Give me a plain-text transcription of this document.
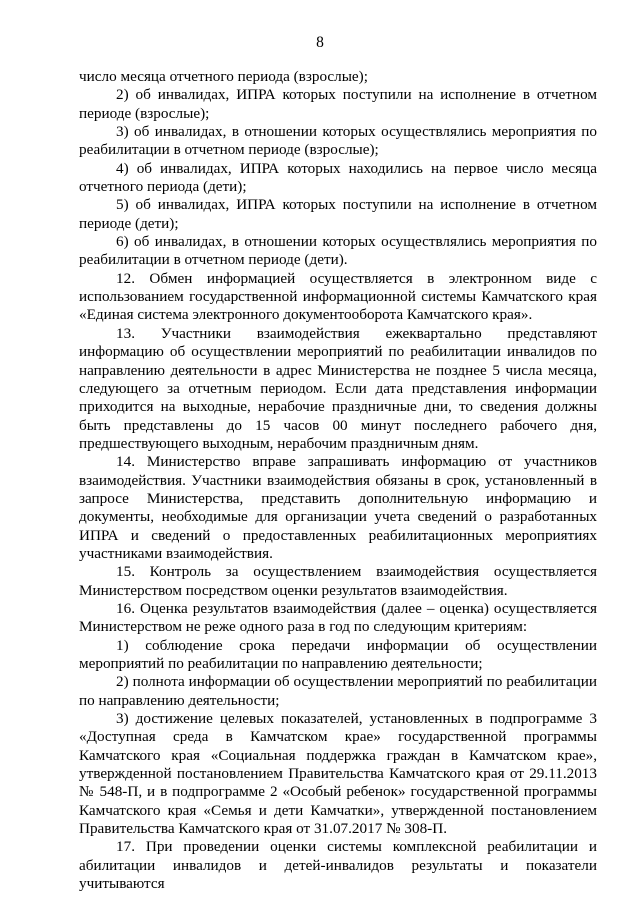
8

число месяца отчетного периода (взрослые);

2) об инвалидах, ИПРА которых поступили на исполнение в отчетном периоде (взрослые);

3) об инвалидах, в отношении которых осуществлялись мероприятия по реабилитации в отчетном периоде (взрослые);

4) об инвалидах, ИПРА которых находились на первое число месяца отчетного периода (дети);

5) об инвалидах, ИПРА которых поступили на исполнение в отчетном периоде (дети);

6) об инвалидах, в отношении которых осуществлялись мероприятия по реабилитации в отчетном периоде (дети).

12. Обмен информацией осуществляется в электронном виде с использованием государственной информационной системы Камчатского края «Единая система электронного документооборота Камчатского края».

13. Участники взаимодействия ежеквартально представляют информацию об осуществлении мероприятий по реабилитации инвалидов по направлению деятельности в адрес Министерства не позднее 5 числа месяца, следующего за отчетным периодом. Если дата представления информации приходится на выходные, нерабочие праздничные дни, то сведения должны быть представлены до 15 часов 00 минут последнего рабочего дня, предшествующего выходным, нерабочим праздничным дням.

14. Министерство вправе запрашивать информацию от участников взаимодействия. Участники взаимодействия обязаны в срок, установленный в запросе Министерства, представить дополнительную информацию и документы, необходимые для организации учета сведений о разработанных ИПРА и сведений о предоставленных реабилитационных мероприятиях участниками взаимодействия.

15. Контроль за осуществлением взаимодействия осуществляется Министерством посредством оценки результатов взаимодействия.

16. Оценка результатов взаимодействия (далее – оценка) осуществляется Министерством не реже одного раза в год по следующим критериям:

1) соблюдение срока передачи информации об осуществлении мероприятий по реабилитации по направлению деятельности;

2) полнота информации об осуществлении мероприятий по реабилитации по направлению деятельности;

3) достижение целевых показателей, установленных в подпрограмме 3 «Доступная среда в Камчатском крае» государственной программы Камчатского края «Социальная поддержка граждан в Камчатском крае», утвержденной постановлением Правительства Камчатского края от 29.11.2013 № 548-П, и в подпрограмме 2 «Особый ребенок» государственной программы Камчатского края «Семья и дети Камчатки», утвержденной постановлением Правительства Камчатского края от 31.07.2017 № 308-П.

17. При проведении оценки системы комплексной реабилитации и абилитации инвалидов и детей-инвалидов результаты и показатели учитываются
